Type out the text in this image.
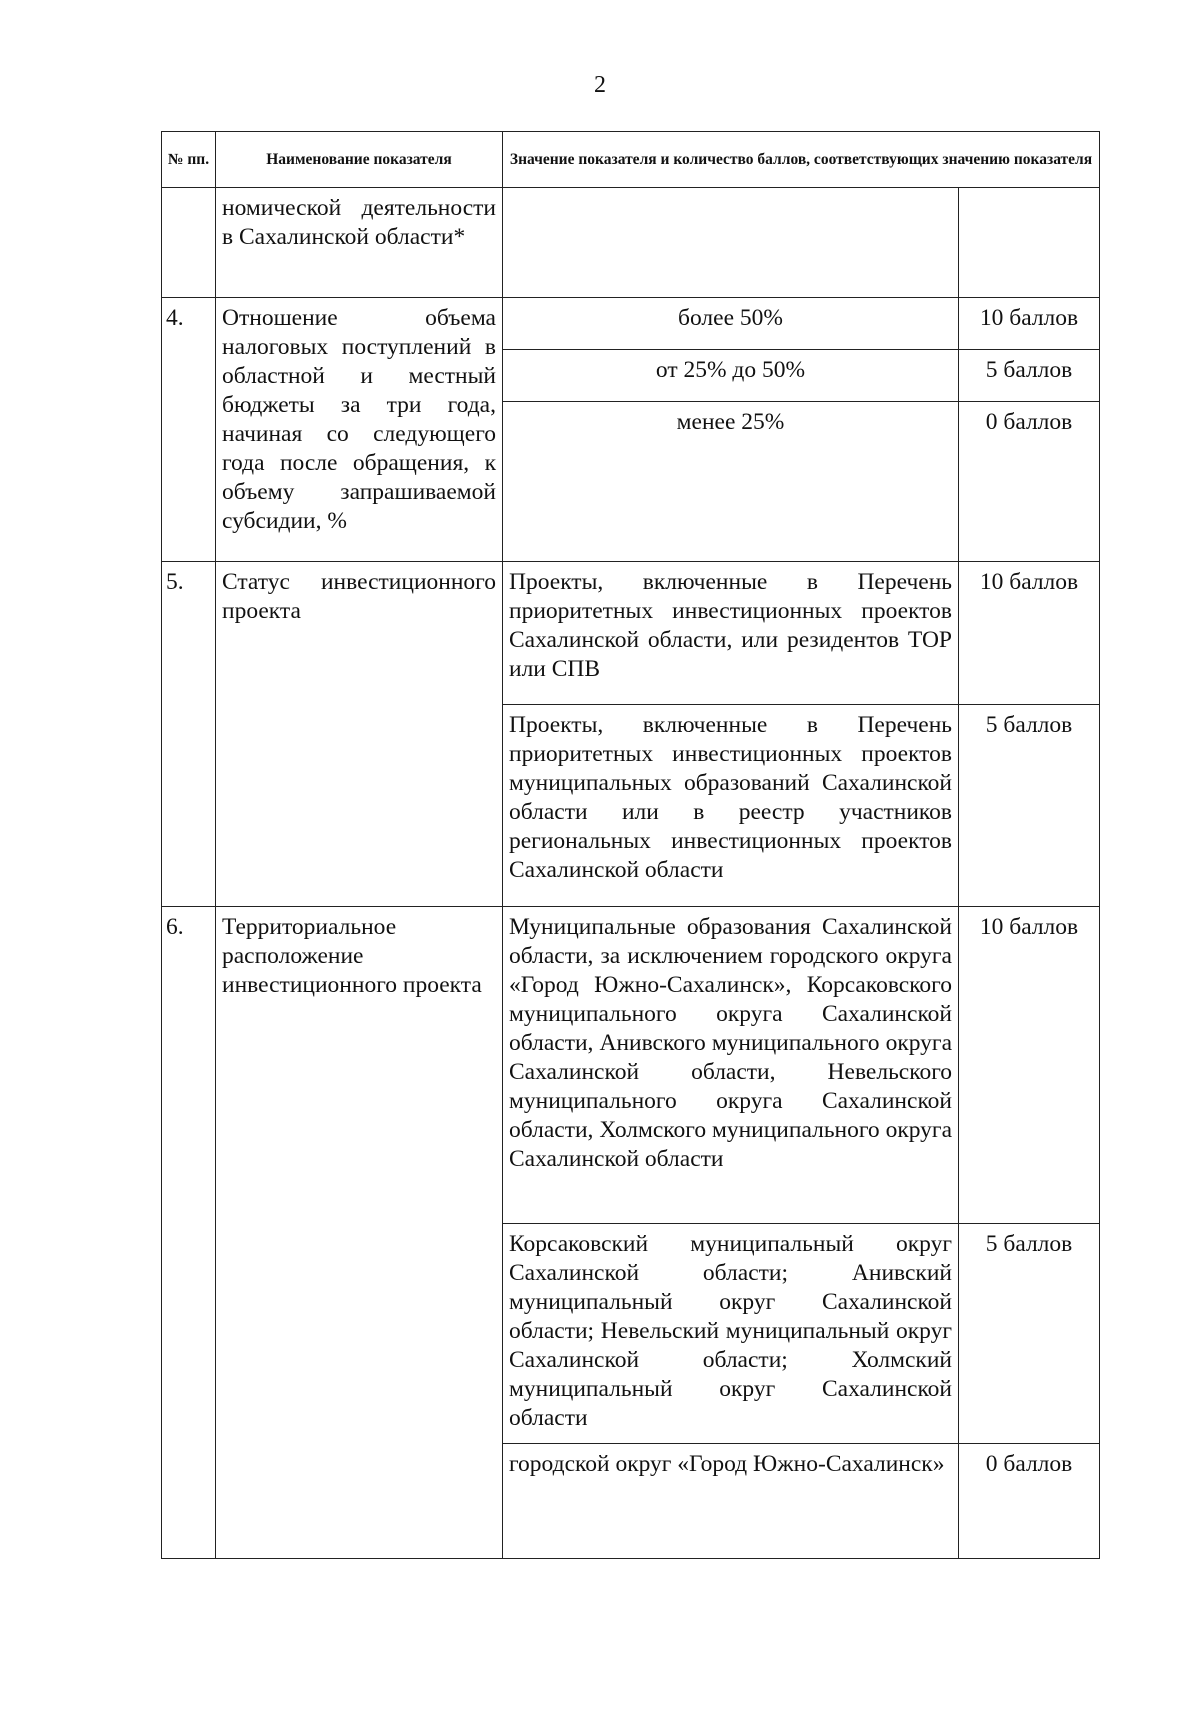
2
№ пп.	Наименование показателя	Значение показателя и количество баллов, соответствующих значению показателя	
	номической деятельности в Сахалинской области*		
4.	Отношение объема налоговых поступлений в областной и местный бюджеты за три года, начиная со следующего года после обращения, к объему запрашиваемой субсидии, %	более 50%	10 баллов
		от 25% до 50%	5 баллов
		менее 25%	0 баллов
5.	Статус инвестиционного проекта	Проекты, включенные в Перечень приоритетных инвестиционных проектов Сахалинской области, или резидентов ТОР или СПВ	10 баллов
		Проекты, включенные в Перечень приоритетных инвестиционных проектов муниципальных образований Сахалинской области или в реестр участников региональных инвестиционных проектов Сахалинской области	5 баллов
6.	Территориальное расположение инвестиционного проекта	Муниципальные образования Сахалинской области, за исключением городского округа «Город Южно-Сахалинск», Корсаковского муниципального округа Сахалинской области, Анивского муниципального округа Сахалинской области, Невельского муниципального округа Сахалинской области, Холмского муниципального округа Сахалинской области	10 баллов
		Корсаковский муниципальный округ Сахалинской области; Анивский муниципальный округ Сахалинской области; Невельский муниципальный округ Сахалинской области; Холмский муниципальный округ Сахалинской области	5 баллов
		городской округ «Город Южно-Сахалинск»	0 баллов
